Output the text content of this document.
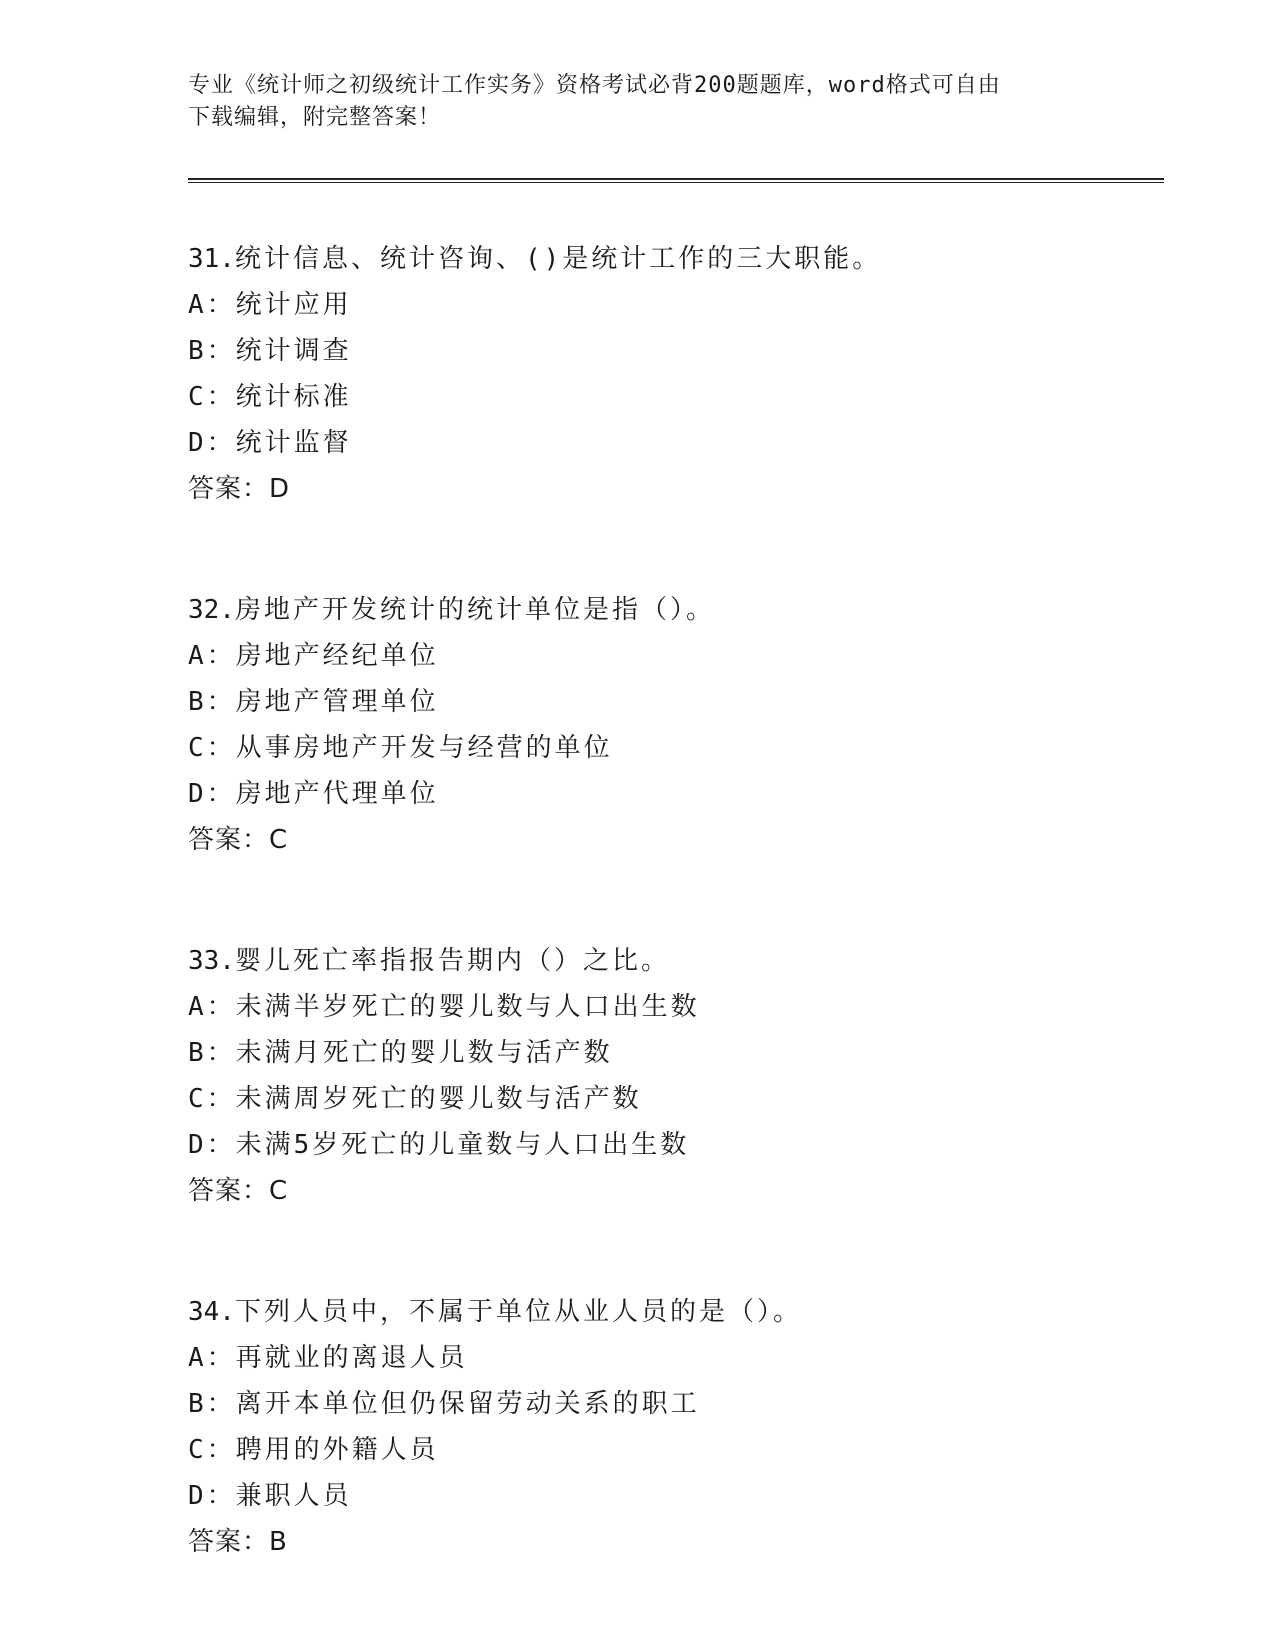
专业《统计师之初级统计工作实务》资格考试必背200题题库，word格式可自由
下载编辑，附完整答案！
31.统计信息、统计咨询、()是统计工作的三大职能。
A：统计应用
B：统计调查
C：统计标准
D：统计监督
答案：D
32.房地产开发统计的统计单位是指（）。
A：房地产经纪单位
B：房地产管理单位
C：从事房地产开发与经营的单位
D：房地产代理单位
答案：C
33.婴儿死亡率指报告期内（）之比。
A：未满半岁死亡的婴儿数与人口出生数
B：未满月死亡的婴儿数与活产数
C：未满周岁死亡的婴儿数与活产数
D：未满5岁死亡的儿童数与人口出生数
答案：C
34.下列人员中，不属于单位从业人员的是（）。
A：再就业的离退人员
B：离开本单位但仍保留劳动关系的职工
C：聘用的外籍人员
D：兼职人员
答案：B
